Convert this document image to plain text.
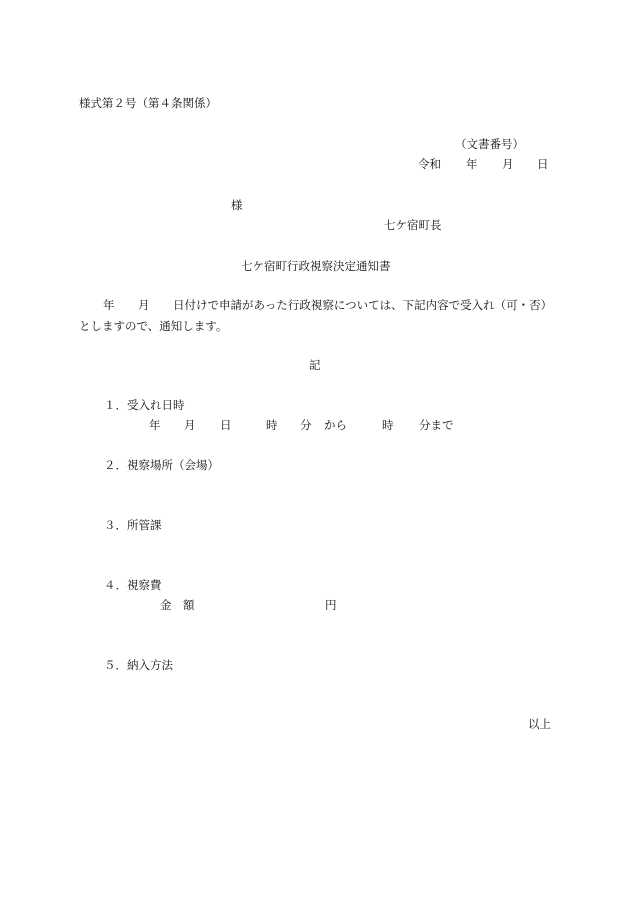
様式第２号（第４条関係）
（文書番号）
令和 年 月 日
様
七ケ宿町長
七ケ宿町行政視察決定通知書
年 月 日付けで申請があった行政視察については、下記内容で受入れ（可・否）
としますので、通知します。
記
１．受入れ日時
年 月 日	時 分 から	時 分まで
２．視察場所（会場）
３．所管課
４．視察費
金　額	円
５．納入方法
以上
